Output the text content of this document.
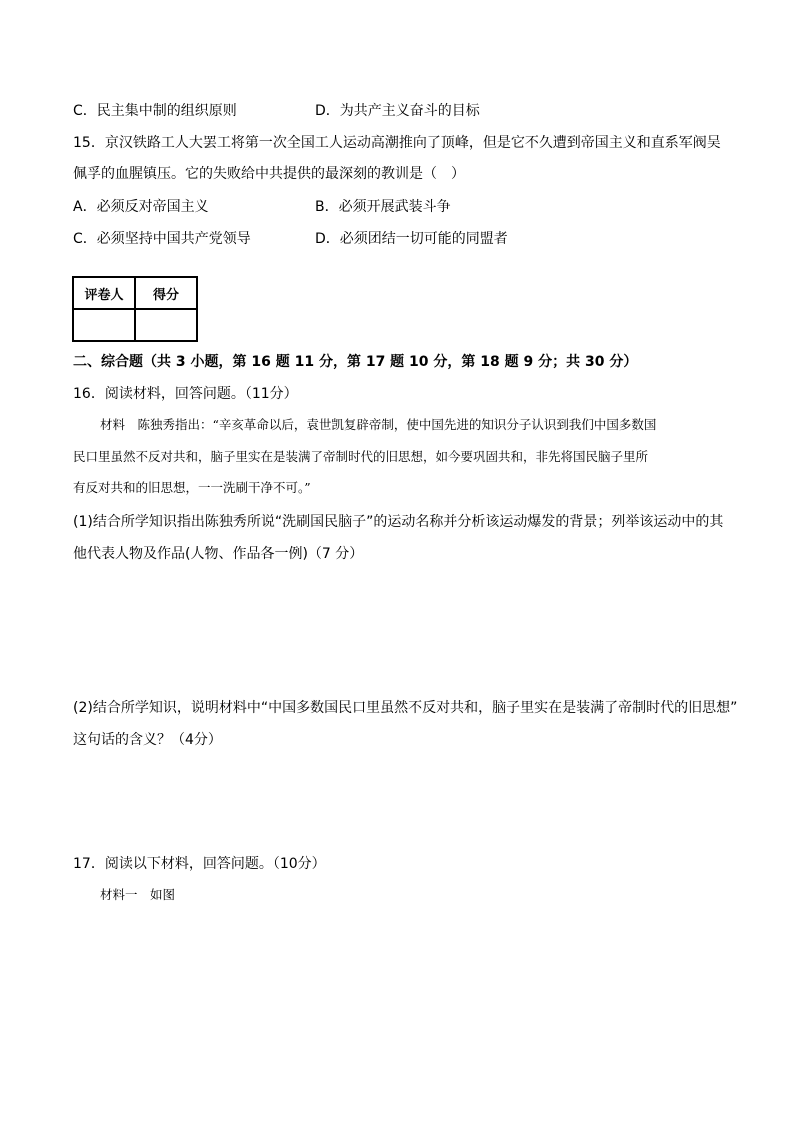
C．民主集中制的组织原则	D．为共产主义奋斗的目标
15．京汉铁路工人大罢工将第一次全国工人运动高潮推向了顶峰，但是它不久遭到帝国主义和直系军阀吴
佩孚的血腥镇压。它的失败给中共提供的最深刻的教训是（　）
A．必须反对帝国主义	B．必须开展武装斗争
C．必须坚持中国共产党领导	D．必须团结一切可能的同盟者
评卷人	得分

二、综合题（共 3 小题，第 16 题 11 分，第 17 题 10 分，第 18 题 9 分；共 30 分）
16．阅读材料，回答问题。（11分）
材料　陈独秀指出：“辛亥革命以后，袁世凯复辟帝制，使中国先进的知识分子认识到我们中国多数国
民口里虽然不反对共和，脑子里实在是装满了帝制时代的旧思想，如今要巩固共和，非先将国民脑子里所
有反对共和的旧思想，一一洗刷干净不可。”
(1)结合所学知识指出陈独秀所说“洗刷国民脑子”的运动名称并分析该运动爆发的背景；列举该运动中的其
他代表人物及作品(人物、作品各一例)（7 分）
(2)结合所学知识，说明材料中“中国多数国民口里虽然不反对共和，脑子里实在是装满了帝制时代的旧思想”
这句话的含义？（4分）
17．阅读以下材料，回答问题。（10分）
材料一　如图
